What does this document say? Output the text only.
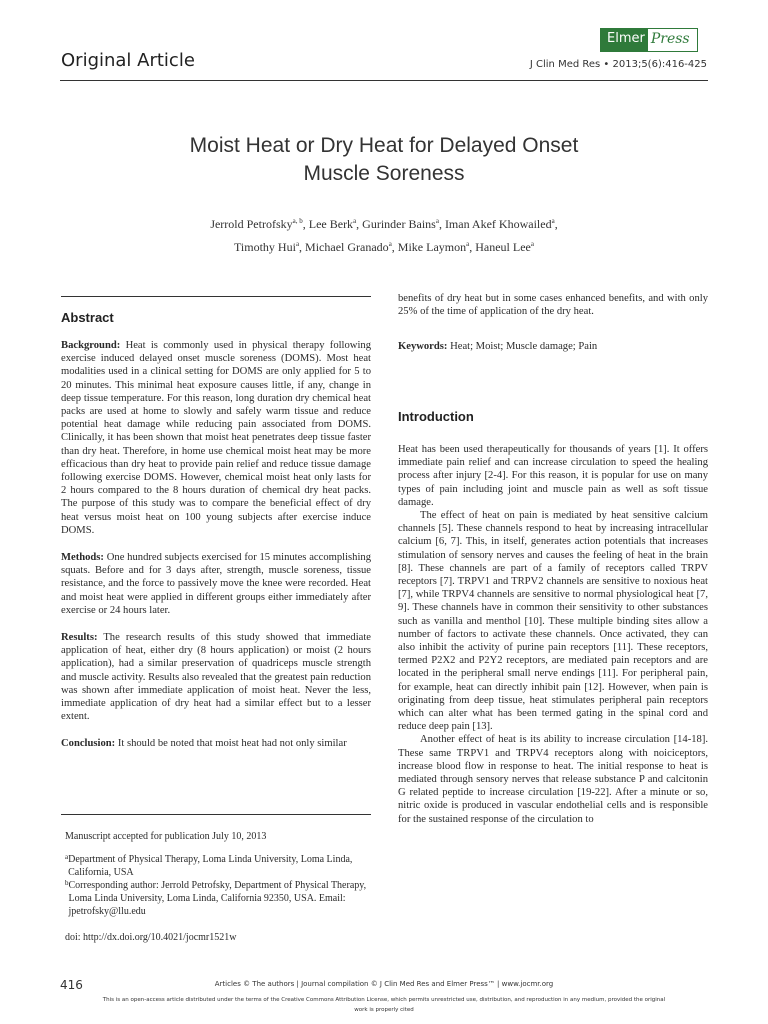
Original Article
Elmer Press
J Clin Med Res • 2013;5(6):416-425
Moist Heat or Dry Heat for Delayed Onset
Muscle Soreness
Jerrold Petrofsky$^{a, b}$, Lee Berk$^a$, Gurinder Bains$^a$, Iman Akef Khowailed$^a$,
Timothy Hui$^a$, Michael Granado$^a$, Mike Laymon$^a$, Haneul Lee$^a$
Abstract

Background: Heat is commonly used in physical therapy following exercise induced delayed onset muscle soreness (DOMS). Most heat modalities used in a clinical setting for DOMS are only applied for 5 to 20 minutes. This minimal heat exposure causes little, if any, change in deep tissue temperature. For this reason, long duration dry chemical heat packs are used at home to slowly and safely warm tissue and reduce potential heat damage while reducing pain associated from DOMS. Clinically, it has been shown that moist heat penetrates deep tissue faster than dry heat. Therefore, in home use chemical moist heat may be more efficacious than dry heat to provide pain relief and reduce tissue damage following exercise DOMS. However, chemical moist heat only lasts for 2 hours compared to the 8 hours duration of chemical dry heat packs. The purpose of this study was to compare the beneficial effect of dry heat versus moist heat on 100 young subjects after exercise induce DOMS.

Methods: One hundred subjects exercised for 15 minutes accomplishing squats. Before and for 3 days after, strength, muscle soreness, tissue resistance, and the force to passively move the knee were recorded. Heat and moist heat were applied in different groups either immediately after exercise or 24 hours later.

Results: The research results of this study showed that immediate application of heat, either dry (8 hours application) or moist (2 hours application), had a similar preservation of quadriceps muscle strength and muscle activity. Results also revealed that the greatest pain reduction was shown after immediate application of moist heat. Never the less, immediate application of dry heat had a similar effect but to a lesser extent.

Conclusion: It should be noted that moist heat had not only similar

Manuscript accepted for publication July 10, 2013

a Department of Physical Therapy, Loma Linda University, Loma Linda, California, USA

b Corresponding author: Jerrold Petrofsky, Department of Physical Therapy, Loma Linda University, Loma Linda, California 92350, USA. Email: jpetrofsky@llu.edu

doi: http://dx.doi.org/10.4021/jocmr1521w

benefits of dry heat but in some cases enhanced benefits, and with only 25% of the time of application of the dry heat.

Keywords: Heat; Moist; Muscle damage; Pain

Introduction

Heat has been used therapeutically for thousands of years [1]. It offers immediate pain relief and can increase circulation to speed the healing process after injury [2-4]. For this reason, it is popular for use on many types of pain including joint and muscle pain as well as soft tissue damage.

The effect of heat on pain is mediated by heat sensitive calcium channels [5]. These channels respond to heat by increasing intracellular calcium [6, 7]. This, in itself, generates action potentials that increases stimulation of sensory nerves and causes the feeling of heat in the brain [8]. These channels are part of a family of receptors called TRPV receptors [7]. TRPV1 and TRPV2 channels are sensitive to noxious heat [7], while TRPV4 channels are sensitive to normal physiological heat [7, 9]. These channels have in common their sensitivity to other substances such as vanilla and menthol [10]. These multiple binding sites allow a number of factors to activate these channels. Once activated, they can also inhibit the activity of purine pain receptors [11]. These receptors, termed P2X2 and P2Y2 receptors, are mediated pain receptors and are located in the peripheral small nerve endings [11]. For peripheral pain, for example, heat can directly inhibit pain [12]. However, when pain is originating from deep tissue, heat stimulates peripheral pain receptors which can alter what has been termed gating in the spinal cord and reduce deep pain [13].

Another effect of heat is its ability to increase circulation [14-18]. These same TRPV1 and TRPV4 receptors along with noiciceptors, increase blood flow in response to heat. The initial response to heat is mediated through sensory nerves that release substance P and calcitonin G related peptide to increase circulation [19-22]. After a minute or so, nitric oxide is produced in vascular endothelial cells and is responsible for the sustained response of the circulation to

416	Articles © The authors | Journal compilation © J Clin Med Res and Elmer Press™ | www.jocmr.org
This is an open-access article distributed under the terms of the Creative Commons Attribution License, which permits unrestricted use, distribution, and reproduction in any medium, provided the original work is properly cited
